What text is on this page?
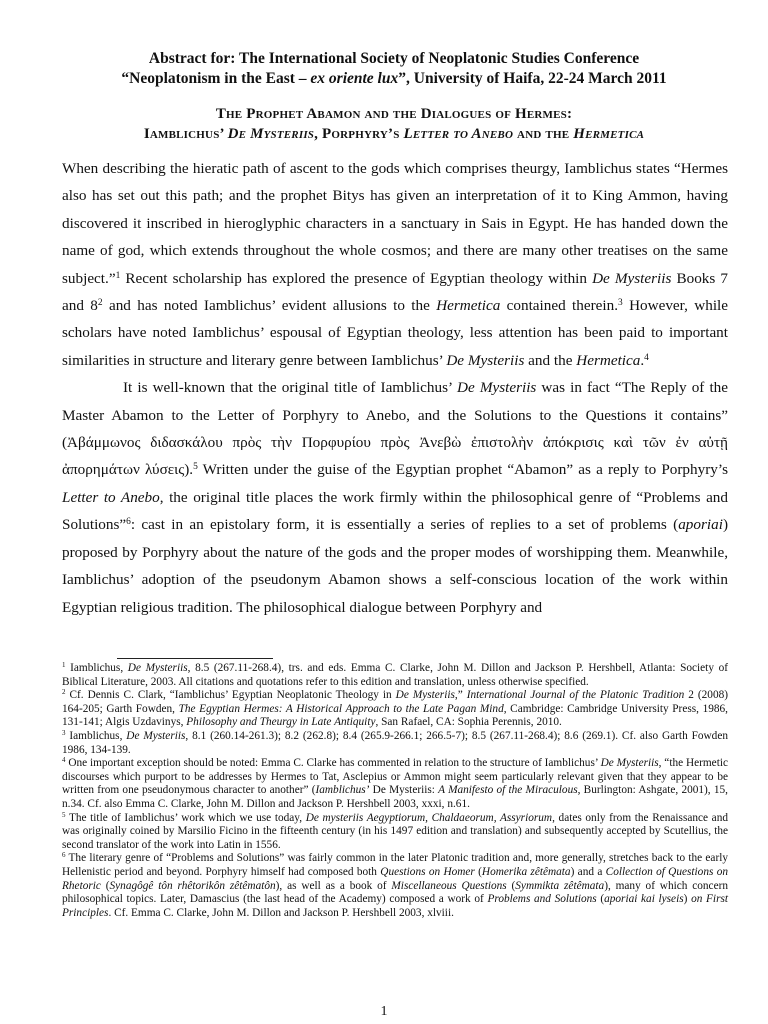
Abstract for: The International Society of Neoplatonic Studies Conference
“Neoplatonism in the East – ex oriente lux”, University of Haifa, 22-24 March 2011
The Prophet Abamon and the Dialogues of Hermes:
Iamblichus’ De Mysteriis, Porphyry’s Letter to Anebo and the Hermetica

When describing the hieratic path of ascent to the gods which comprises theurgy, Iamblichus states “Hermes also has set out this path; and the prophet Bitys has given an interpretation of it to King Ammon, having discovered it inscribed in hieroglyphic characters in a sanctuary in Sais in Egypt. He has handed down the name of god, which extends throughout the whole cosmos; and there are many other treatises on the same subject.”$^1$ Recent scholarship has explored the presence of Egyptian theology within De Mysteriis Books 7 and $8^2$ and has noted Iamblichus’ evident allusions to the Hermetica contained therein.$^3$ However, while scholars have noted Iamblichus’ espousal of Egyptian theology, less attention has been paid to important similarities in structure and literary genre between Iamblichus’ De Mysteriis and the Hermetica.$^4$

It is well-known that the original title of Iamblichus’ De Mysteriis was in fact “The Reply of the Master Abamon to the Letter of Porphyry to Anebo, and the Solutions to the Questions it contains” (Ἀβάμμωνος διδασκάλου πρὸς τὴν Πορφυρίου πρὸς Ἀνεβὼ ἐπιστολὴν ἀπόκρισις καὶ τῶν ἐν αὐτῇ ἀπορημάτων λύσεις).$^5$ Written under the guise of the Egyptian prophet “Abamon” as a reply to Porphyry’s Letter to Anebo, the original title places the work firmly within the philosophical genre of “Problems and Solutions”$^6$: cast in an epistolary form, it is essentially a series of replies to a set of problems (aporiai) proposed by Porphyry about the nature of the gods and the proper modes of worshipping them. Meanwhile, Iamblichus’ adoption of the pseudonym Abamon shows a self-conscious location of the work within Egyptian religious tradition. The philosophical dialogue between Porphyry and

$^1$ Iamblichus, De Mysteriis, 8.5 (267.11-268.4), trs. and eds. Emma C. Clarke, John M. Dillon and Jackson P. Hershbell, Atlanta: Society of Biblical Literature, 2003. All citations and quotations refer to this edition and translation, unless otherwise specified.

$^2$ Cf. Dennis C. Clark, “Iamblichus’ Egyptian Neoplatonic Theology in De Mysteriis,” International Journal of the Platonic Tradition 2 (2008) 164-205; Garth Fowden, The Egyptian Hermes: A Historical Approach to the Late Pagan Mind, Cambridge: Cambridge University Press, 1986, 131-141; Algis Uzdavinys, Philosophy and Theurgy in Late Antiquity, San Rafael, CA: Sophia Perennis, 2010.

$^3$ Iamblichus, De Mysteriis, 8.1 (260.14-261.3); 8.2 (262.8); 8.4 (265.9-266.1; 266.5-7); 8.5 (267.11-268.4); 8.6 (269.1). Cf. also Garth Fowden 1986, 134-139.

$^4$ One important exception should be noted: Emma C. Clarke has commented in relation to the structure of Iamblichus’ De Mysteriis, “the Hermetic discourses which purport to be addresses by Hermes to Tat, Asclepius or Ammon might seem particularly relevant given that they appear to be written from one pseudonymous character to another” (Iamblichus’ De Mysteriis: A Manifesto of the Miraculous, Burlington: Ashgate, 2001), 15, n.34. Cf. also Emma C. Clarke, John M. Dillon and Jackson P. Hershbell 2003, xxxi, n.61.

$^5$ The title of Iamblichus’ work which we use today, De mysteriis Aegyptiorum, Chaldaeorum, Assyriorum, dates only from the Renaissance and was originally coined by Marsilio Ficino in the fifteenth century (in his 1497 edition and translation) and subsequently accepted by Scutellius, the second translator of the work into Latin in 1556.

$^6$ The literary genre of “Problems and Solutions” was fairly common in the later Platonic tradition and, more generally, stretches back to the early Hellenistic period and beyond. Porphyry himself had composed both Questions on Homer (Homerika zêtêmata) and a Collection of Questions on Rhetoric (Synagôgê tôn rhêtorikôn zêtêmatôn), as well as a book of Miscellaneous Questions (Symmikta zêtêmata), many of which concern philosophical topics. Later, Damascius (the last head of the Academy) composed a work of Problems and Solutions (aporiai kai lyseis) on First Principles. Cf. Emma C. Clarke, John M. Dillon and Jackson P. Hershbell 2003, xlviii.

1
